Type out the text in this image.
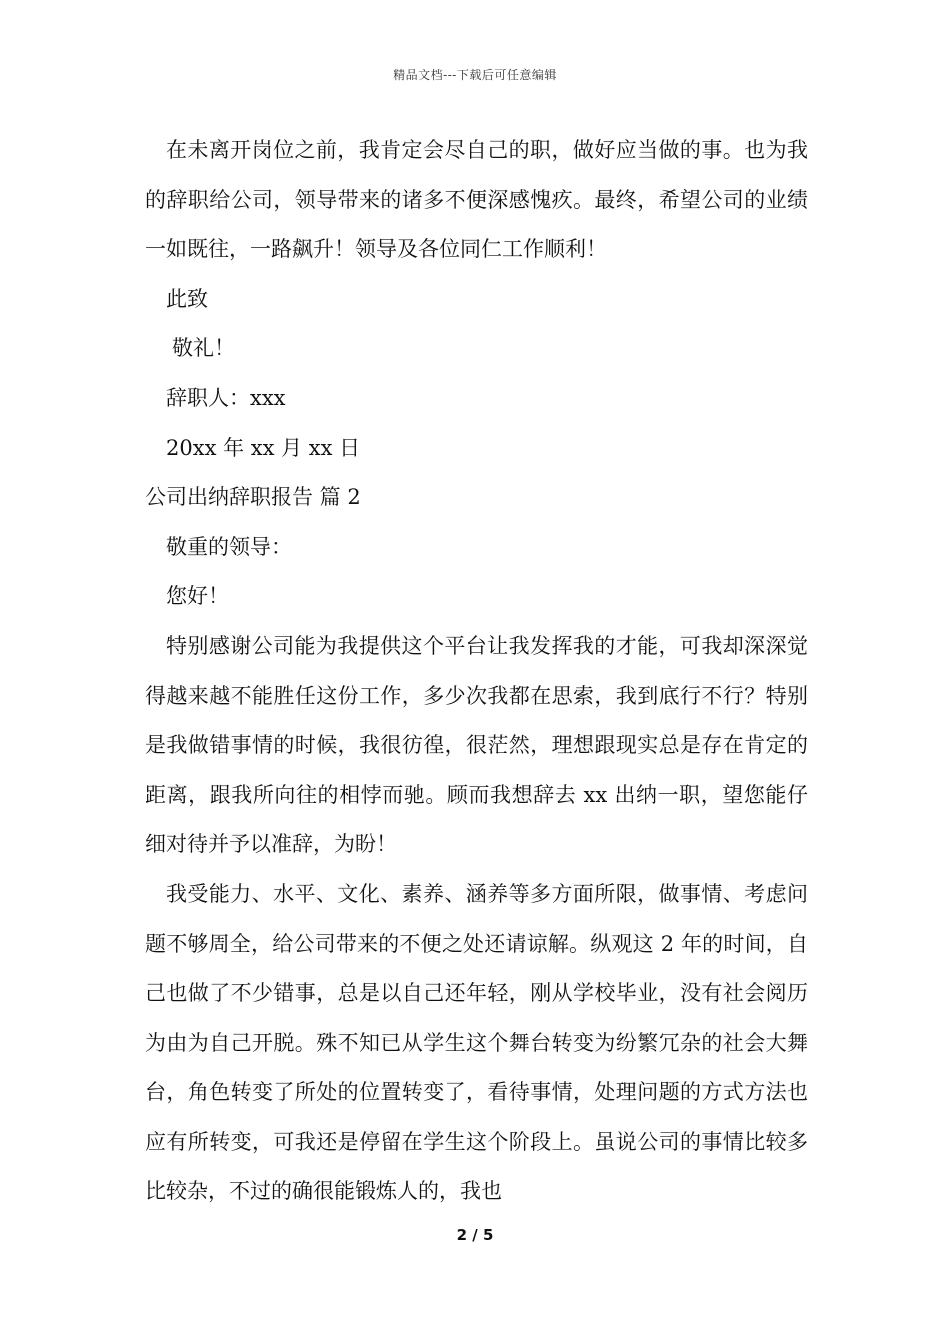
精品文档---下载后可任意编辑

在未离开岗位之前，我肯定会尽自己的职，做好应当做的事。也为我的辞职给公司，领导带来的诸多不便深感愧疚。最终，希望公司的业绩一如既往，一路飙升！领导及各位同仁工作顺利！

此致

敬礼！

辞职人：xxx

20xx 年 xx 月 xx 日

公司出纳辞职报告 篇 2

敬重的领导：

您好！

特别感谢公司能为我提供这个平台让我发挥我的才能，可我却深深觉得越来越不能胜任这份工作，多少次我都在思索，我到底行不行？特别是我做错事情的时候，我很彷徨，很茫然，理想跟现实总是存在肯定的距离，跟我所向往的相悖而驰。顾而我想辞去 xx 出纳一职，望您能仔细对待并予以准辞，为盼！

我受能力、水平、文化、素养、涵养等多方面所限，做事情、考虑问题不够周全，给公司带来的不便之处还请谅解。纵观这 2 年的时间，自己也做了不少错事，总是以自己还年轻，刚从学校毕业，没有社会阅历为由为自己开脱。殊不知已从学生这个舞台转变为纷繁冗杂的社会大舞台，角色转变了所处的位置转变了，看待事情，处理问题的方式方法也应有所转变，可我还是停留在学生这个阶段上。虽说公司的事情比较多比较杂，不过的确很能锻炼人的，我也

2 / 5
